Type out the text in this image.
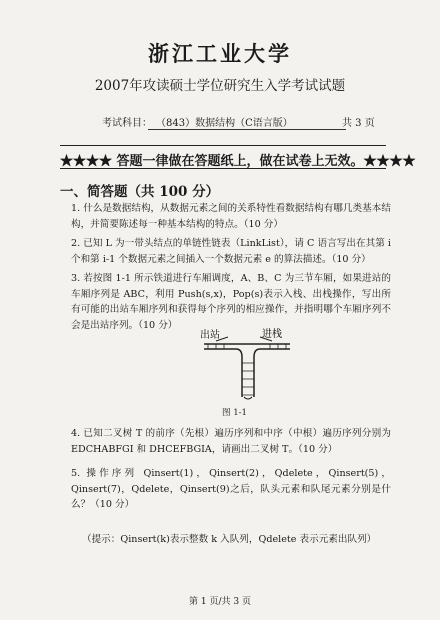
浙江工业大学
2007年攻读硕士学位研究生入学考试试题
考试科目： （843）数据结构（C语言版）	共 3 页
★★★★ 答题一律做在答题纸上，做在试卷上无效。★★★★
一、简答题（共 100 分）
1. 什么是数据结构，从数据元素之间的关系特性看数据结构有哪几类基本结构，并简要陈述每一种基本结构的特点。（10 分）
2. 已知 L 为一带头结点的单链性链表（LinkList），请 C 语言写出在其第 i 个和第 i-1 个数据元素之间插入一个数据元素 e 的算法描述。（10 分）
3. 若按图 1-1 所示铁道进行车厢调度，A、B、C 为三节车厢，如果进站的车厢序列是 ABC，利用 Push(s,x)，Pop(s)表示入栈、出栈操作，写出所有可能的出站车厢序列和获得每个序列的相应操作，并指明哪个车厢序列不会是出站序列。（10 分）
出站	进栈
图 1-1
4. 已知二叉树 T 的前序（先根）遍历序列和中序（中根）遍历序列分别为 EDCHABFGI 和 DHCEFBGIA，请画出二叉树 T。（10 分）
5. 操作序列 Qinsert(1)，Qinsert(2)，Qdelete，Qinsert(5)，Qinsert(7)，Qdelete，Qinsert(9)之后，队头元素和队尾元素分别是什么？（10 分）
（提示：Qinsert(k)表示整数 k 入队列，Qdelete 表示元素出队列）
第 1 页/共 3 页
